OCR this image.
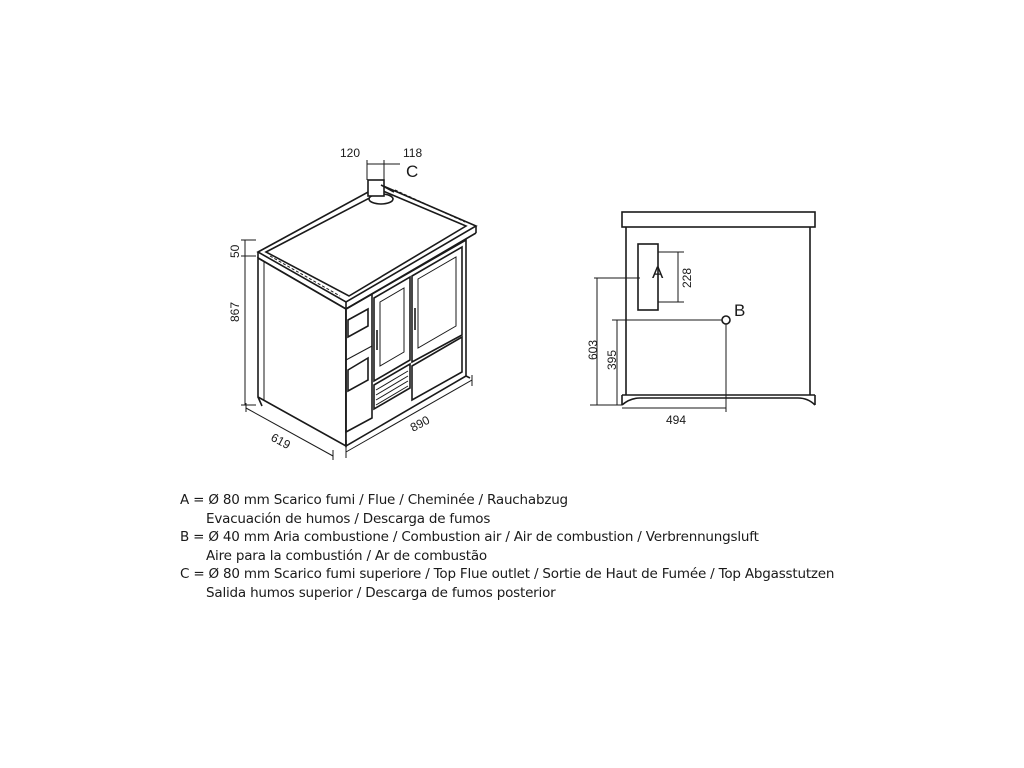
120	118
C
50
867
619
890
A 228
B
603 395
494
A = Ø 80 mm Scarico fumi / Flue / Cheminée / Rauchabzug
Evacuación de humos / Descarga de fumos
B = Ø 40 mm Aria combustione / Combustion air / Air de combustion / Verbrennungsluft
Aire para la combustión / Ar de combustão
C = Ø 80 mm Scarico fumi superiore / Top Flue outlet / Sortie de Haut de Fumée / Top Abgasstutzen
Salida humos superior / Descarga de fumos posterior
